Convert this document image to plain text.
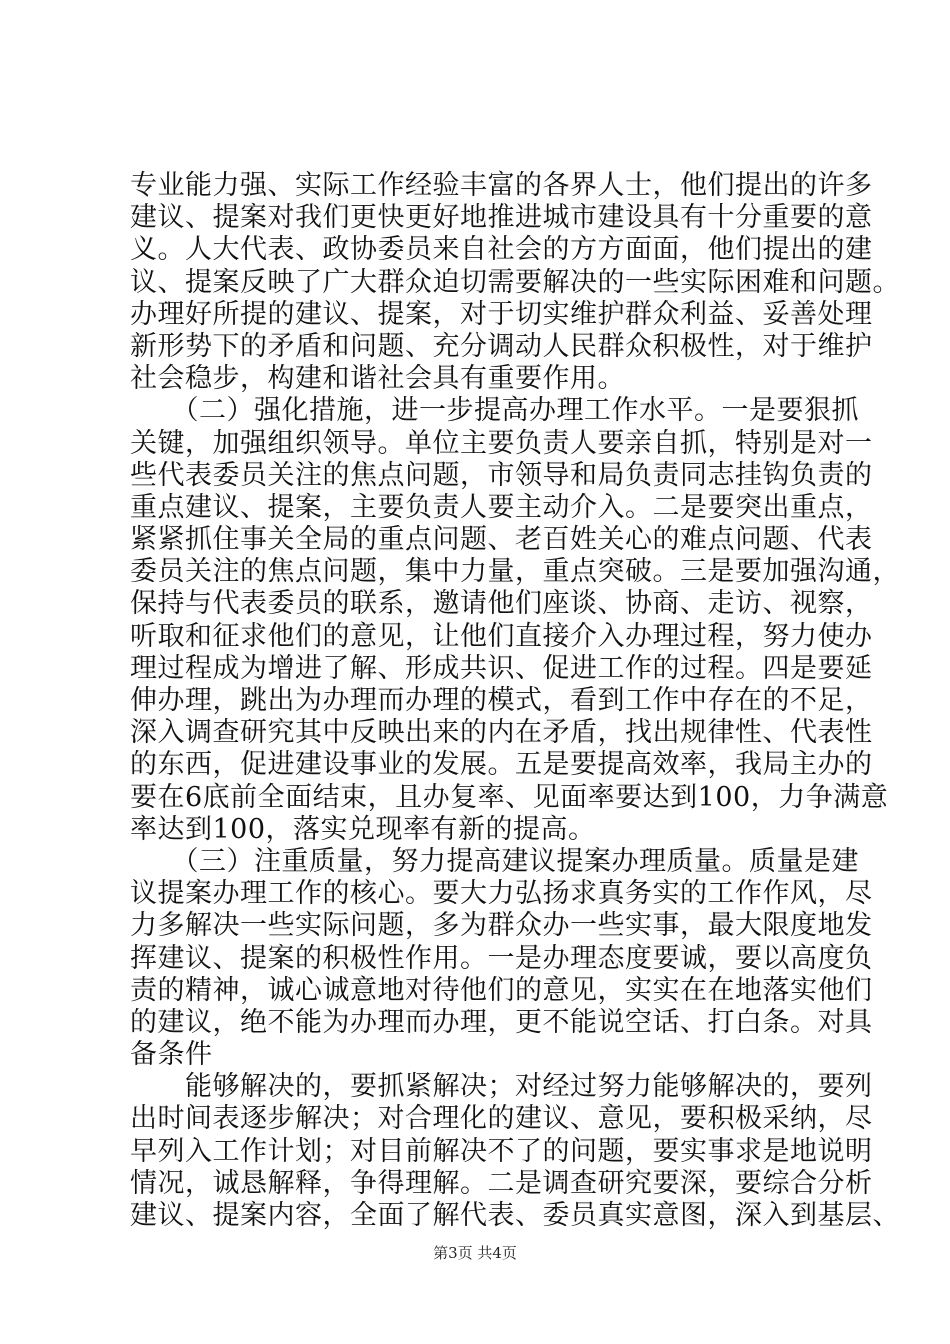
专业能力强、实际工作经验丰富的各界人士，他们提出的许多
建议、提案对我们更快更好地推进城市建设具有十分重要的意
义。人大代表、政协委员来自社会的方方面面，他们提出的建
议、提案反映了广大群众迫切需要解决的一些实际困难和问题。
办理好所提的建议、提案，对于切实维护群众利益、妥善处理
新形势下的矛盾和问题、充分调动人民群众积极性，对于维护
社会稳步，构建和谐社会具有重要作用。
　　（二）强化措施，进一步提高办理工作水平。一是要狠抓
关键，加强组织领导。单位主要负责人要亲自抓，特别是对一
些代表委员关注的焦点问题，市领导和局负责同志挂钩负责的
重点建议、提案，主要负责人要主动介入。二是要突出重点，
紧紧抓住事关全局的重点问题、老百姓关心的难点问题、代表
委员关注的焦点问题，集中力量，重点突破。三是要加强沟通，
保持与代表委员的联系，邀请他们座谈、协商、走访、视察，
听取和征求他们的意见，让他们直接介入办理过程，努力使办
理过程成为增进了解、形成共识、促进工作的过程。四是要延
伸办理，跳出为办理而办理的模式，看到工作中存在的不足，
深入调查研究其中反映出来的内在矛盾，找出规律性、代表性
的东西，促进建设事业的发展。五是要提高效率，我局主办的
要在6底前全面结束，且办复率、见面率要达到100，力争满意
率达到100，落实兑现率有新的提高。
　　（三）注重质量，努力提高建议提案办理质量。质量是建
议提案办理工作的核心。要大力弘扬求真务实的工作作风，尽
力多解决一些实际问题，多为群众办一些实事，最大限度地发
挥建议、提案的积极性作用。一是办理态度要诚，要以高度负
责的精神，诚心诚意地对待他们的意见，实实在在地落实他们
的建议，绝不能为办理而办理，更不能说空话、打白条。对具
备条件
　　能够解决的，要抓紧解决；对经过努力能够解决的，要列
出时间表逐步解决；对合理化的建议、意见，要积极采纳，尽
早列入工作计划；对目前解决不了的问题，要实事求是地说明
情况，诚恳解释，争得理解。二是调查研究要深，要综合分析
建议、提案内容，全面了解代表、委员真实意图，深入到基层、
第3页 共4页
